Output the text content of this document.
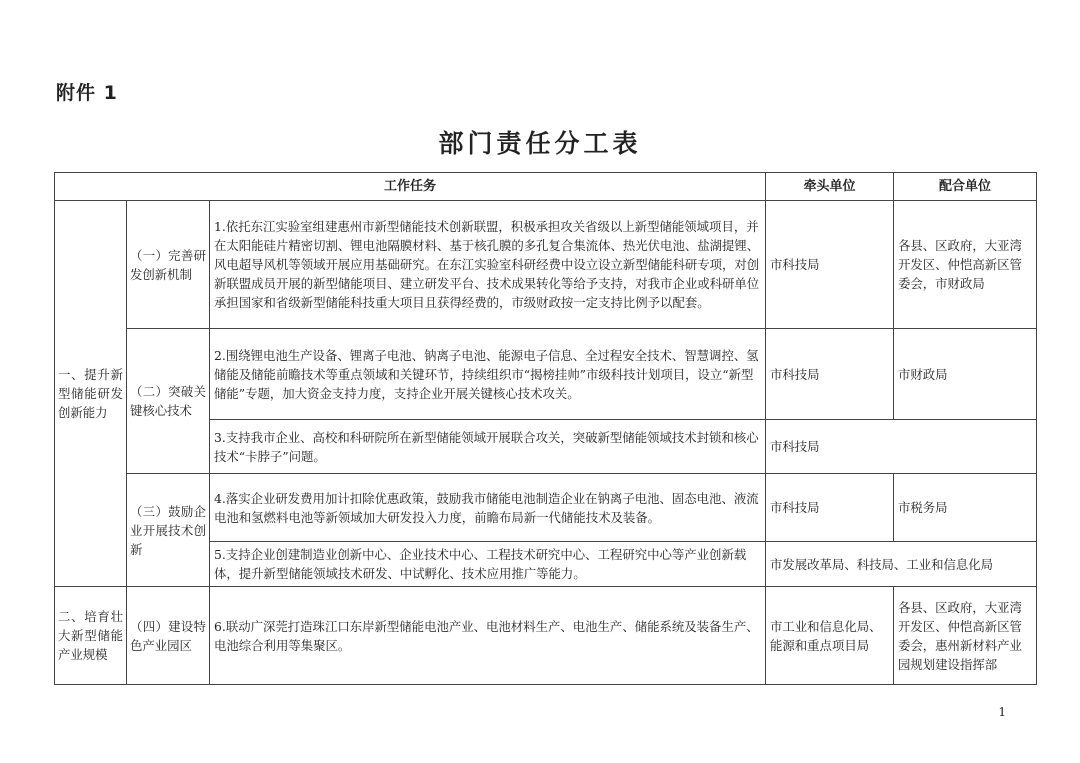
附件 1
部门责任分工表
工作任务			牵头单位	配合单位
一、提升新型储能研发创新能力	（一）完善研发创新机制	1.依托东江实验室组建惠州市新型储能技术创新联盟，积极承担攻关省级以上新型储能领域项目，并在太阳能硅片精密切割、锂电池隔膜材料、基于核孔膜的多孔复合集流体、热光伏电池、盐湖提锂、风电超导风机等领域开展应用基础研究。在东江实验室科研经费中设立设立新型储能科研专项，对创新联盟成员开展的新型储能项目、建立研发平台、技术成果转化等给予支持，对我市企业或科研单位承担国家和省级新型储能科技重大项目且获得经费的，市级财政按一定支持比例予以配套。	市科技局	各县、区政府，大亚湾开发区、仲恺高新区管委会，市财政局
	（二）突破关键核心技术	2.围绕锂电池生产设备、锂离子电池、钠离子电池、能源电子信息、全过程安全技术、智慧调控、氢储能及储能前瞻技术等重点领域和关键环节，持续组织市“揭榜挂帅”市级科技计划项目，设立“新型储能”专题，加大资金支持力度，支持企业开展关键核心技术攻关。	市科技局	市财政局
		3.支持我市企业、高校和科研院所在新型储能领域开展联合攻关，突破新型储能领域技术封锁和核心技术“卡脖子”问题。	市科技局	
	（三）鼓励企业开展技术创新	4.落实企业研发费用加计扣除优惠政策，鼓励我市储能电池制造企业在钠离子电池、固态电池、液流电池和氢燃料电池等新领域加大研发投入力度，前瞻布局新一代储能技术及装备。	市科技局	市税务局
		5.支持企业创建制造业创新中心、企业技术中心、工程技术研究中心、工程研究中心等产业创新载体，提升新型储能领域技术研发、中试孵化、技术应用推广等能力。	市发展改革局、科技局、工业和信息化局	
二、培育壮大新型储能产业规模	（四）建设特色产业园区	6.联动广深莞打造珠江口东岸新型储能电池产业、电池材料生产、电池生产、储能系统及装备生产、电池综合利用等集聚区。	市工业和信息化局、能源和重点项目局	各县、区政府，大亚湾开发区、仲恺高新区管委会，惠州新材料产业园规划建设指挥部
1
